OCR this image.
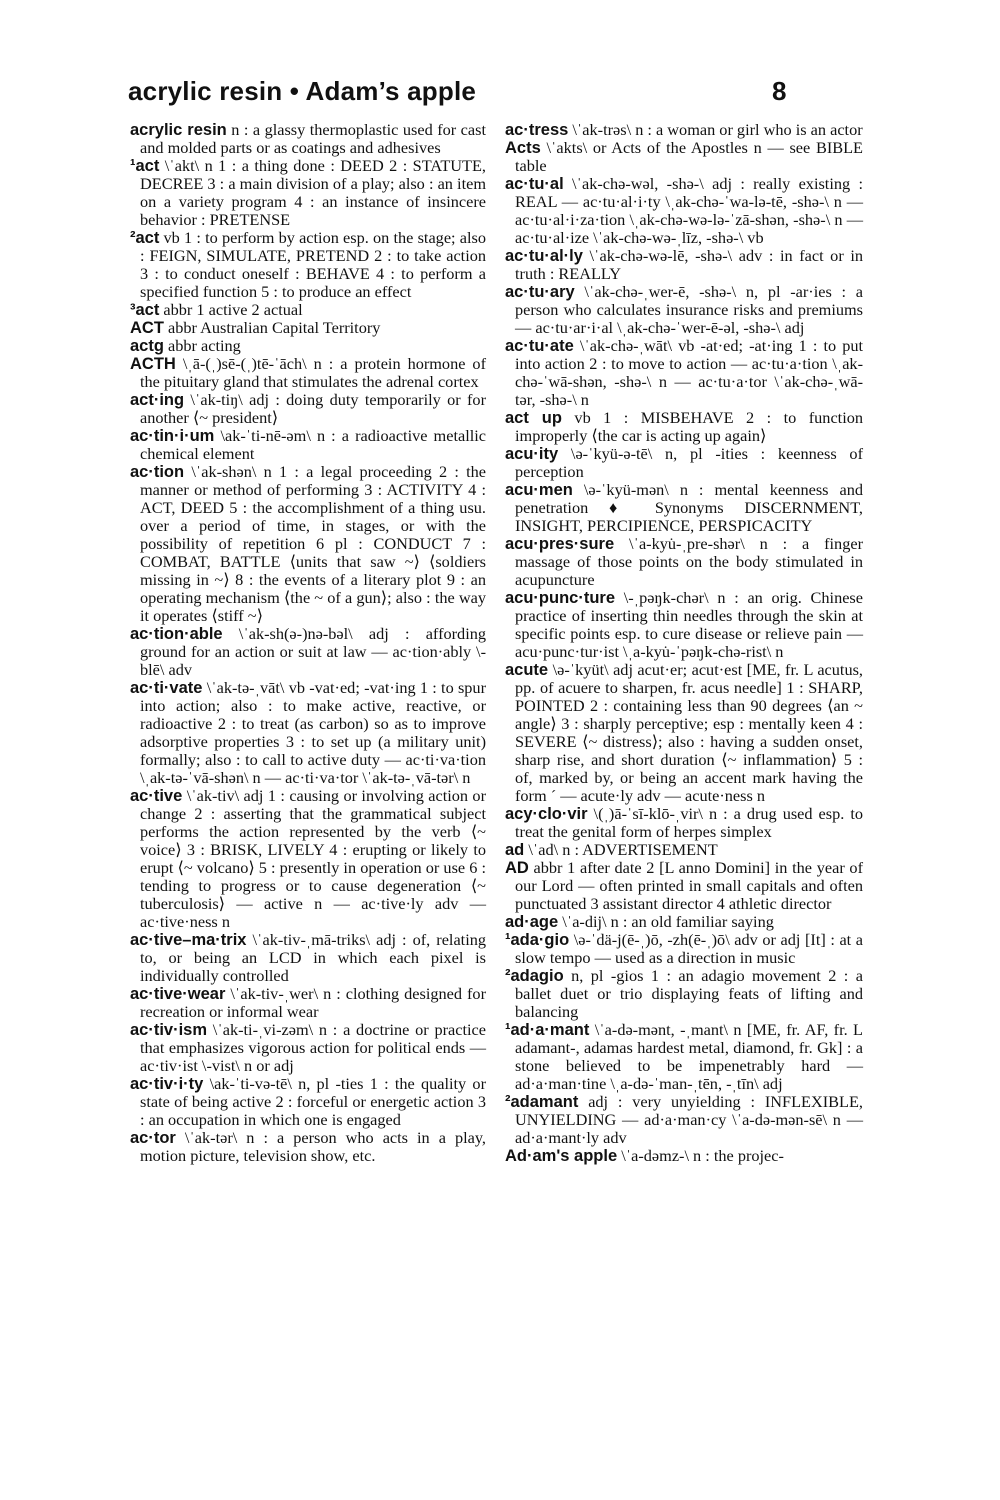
acrylic resin • Adam’s apple	8

acrylic resin n : a glassy thermoplastic used for cast and molded parts or as coatings and adhesives

¹act \ˈakt\ n 1 : a thing done : DEED 2 : STATUTE, DECREE 3 : a main division of a play; also : an item on a variety program 4 : an instance of insincere behavior : PRETENSE

²act vb 1 : to perform by action esp. on the stage; also : FEIGN, SIMULATE, PRETEND 2 : to take action 3 : to conduct oneself : BEHAVE 4 : to perform a specified function 5 : to produce an effect

³act abbr 1 active 2 actual

ACT abbr Australian Capital Territory

actg abbr acting

ACTH \ˌā-(ˌ)sē-(ˌ)tē-ˈāch\ n : a protein hormone of the pituitary gland that stimulates the adrenal cortex

act·ing \ˈak-tiŋ\ adj : doing duty temporarily or for another ⟨~ president⟩

ac·tin·i·um \ak-ˈti-nē-əm\ n : a radioactive metallic chemical element

ac·tion \ˈak-shən\ n 1 : a legal proceeding 2 : the manner or method of performing 3 : ACTIVITY 4 : ACT, DEED 5 : the accomplishment of a thing usu. over a period of time, in stages, or with the possibility of repetition 6 pl : CONDUCT 7 : COMBAT, BATTLE ⟨units that saw ~⟩ ⟨soldiers missing in ~⟩ 8 : the events of a literary plot 9 : an operating mechanism ⟨the ~ of a gun⟩; also : the way it operates ⟨stiff ~⟩

ac·tion·able \ˈak-sh(ə-)nə-bəl\ adj : affording ground for an action or suit at law — ac·tion·ably \-blē\ adv

ac·ti·vate \ˈak-tə-ˌvāt\ vb -vat·ed; -vat·ing 1 : to spur into action; also : to make active, reactive, or radioactive 2 : to treat (as carbon) so as to improve adsorptive properties 3 : to set up (a military unit) formally; also : to call to active duty — ac·ti·va·tion \ˌak-tə-ˈvā-shən\ n — ac·ti·va·tor \ˈak-tə-ˌvā-tər\ n

ac·tive \ˈak-tiv\ adj 1 : causing or involving action or change 2 : asserting that the grammatical subject performs the action represented by the verb ⟨~ voice⟩ 3 : BRISK, LIVELY 4 : erupting or likely to erupt ⟨~ volcano⟩ 5 : presently in operation or use 6 : tending to progress or to cause degeneration ⟨~ tuberculosis⟩ — active n — ac·tive·ly adv — ac·tive·ness n

ac·tive–ma·trix \ˈak-tiv-ˌmā-triks\ adj : of, relating to, or being an LCD in which each pixel is individually controlled

ac·tive·wear \ˈak-tiv-ˌwer\ n : clothing designed for recreation or informal wear

ac·tiv·ism \ˈak-ti-ˌvi-zəm\ n : a doctrine or practice that emphasizes vigorous action for political ends — ac·tiv·ist \-vist\ n or adj

ac·tiv·i·ty \ak-ˈti-və-tē\ n, pl -ties 1 : the quality or state of being active 2 : forceful or energetic action 3 : an occupation in which one is engaged

ac·tor \ˈak-tər\ n : a person who acts in a play, motion picture, television show, etc.

ac·tress \ˈak-trəs\ n : a woman or girl who is an actor

Acts \ˈakts\ or Acts of the Apostles n — see BIBLE table

ac·tu·al \ˈak-chə-wəl, -shə-\ adj : really existing : REAL — ac·tu·al·i·ty \ˌak-chə-ˈwa-lə-tē, -shə-\ n — ac·tu·al·i·za·tion \ˌak-chə-wə-lə-ˈzā-shən, -shə-\ n — ac·tu·al·ize \ˈak-chə-wə-ˌlīz, -shə-\ vb

ac·tu·al·ly \ˈak-chə-wə-lē, -shə-\ adv : in fact or in truth : REALLY

ac·tu·ary \ˈak-chə-ˌwer-ē, -shə-\ n, pl -ar·ies : a person who calculates insurance risks and premiums — ac·tu·ar·i·al \ˌak-chə-ˈwer-ē-əl, -shə-\ adj

ac·tu·ate \ˈak-chə-ˌwāt\ vb -at·ed; -at·ing 1 : to put into action 2 : to move to action — ac·tu·a·tion \ˌak-chə-ˈwā-shən, -shə-\ n — ac·tu·a·tor \ˈak-chə-ˌwā-tər, -shə-\ n

act up vb 1 : MISBEHAVE 2 : to function improperly ⟨the car is acting up again⟩

acu·ity \ə-ˈkyü-ə-tē\ n, pl -ities : keenness of perception

acu·men \ə-ˈkyü-mən\ n : mental keenness and penetration ♦ Synonyms DISCERNMENT, INSIGHT, PERCIPIENCE, PERSPICACITY

acu·pres·sure \ˈa-kyu̇-ˌpre-shər\ n : a finger massage of those points on the body stimulated in acupuncture

acu·punc·ture \-ˌpəŋk-chər\ n : an orig. Chinese practice of inserting thin needles through the skin at specific points esp. to cure disease or relieve pain — acu·punc·tur·ist \ˌa-kyu̇-ˈpəŋk-chə-rist\ n

acute \ə-ˈkyüt\ adj acut·er; acut·est [ME, fr. L acutus, pp. of acuere to sharpen, fr. acus needle] 1 : SHARP, POINTED 2 : containing less than 90 degrees ⟨an ~ angle⟩ 3 : sharply perceptive; esp : mentally keen 4 : SEVERE ⟨~ distress⟩; also : having a sudden onset, sharp rise, and short duration ⟨~ inflammation⟩ 5 : of, marked by, or being an accent mark having the form ´ — acute·ly adv — acute·ness n

acy·clo·vir \(ˌ)ā-ˈsī-klō-ˌvir\ n : a drug used esp. to treat the genital form of herpes simplex

ad \ˈad\ n : ADVERTISEMENT

AD abbr 1 after date 2 [L anno Domini] in the year of our Lord — often printed in small capitals and often punctuated 3 assistant director 4 athletic director

ad·age \ˈa-dij\ n : an old familiar saying

¹ada·gio \ə-ˈdä-j(ē-ˌ)ō, -zh(ē-ˌ)ō\ adv or adj [It] : at a slow tempo — used as a direction in music

²adagio n, pl -gios 1 : an adagio movement 2 : a ballet duet or trio displaying feats of lifting and balancing

¹ad·a·mant \ˈa-də-mənt, -ˌmant\ n [ME, fr. AF, fr. L adamant-, adamas hardest metal, diamond, fr. Gk] : a stone believed to be impenetrably hard — ad·a·man·tine \ˌa-də-ˈman-ˌtēn, -ˌtīn\ adj

²adamant adj : very unyielding : INFLEXIBLE, UNYIELDING — ad·a·man·cy \ˈa-də-mən-sē\ n — ad·a·mant·ly adv

Ad·am's apple \ˈa-dəmz-\ n : the projec-
